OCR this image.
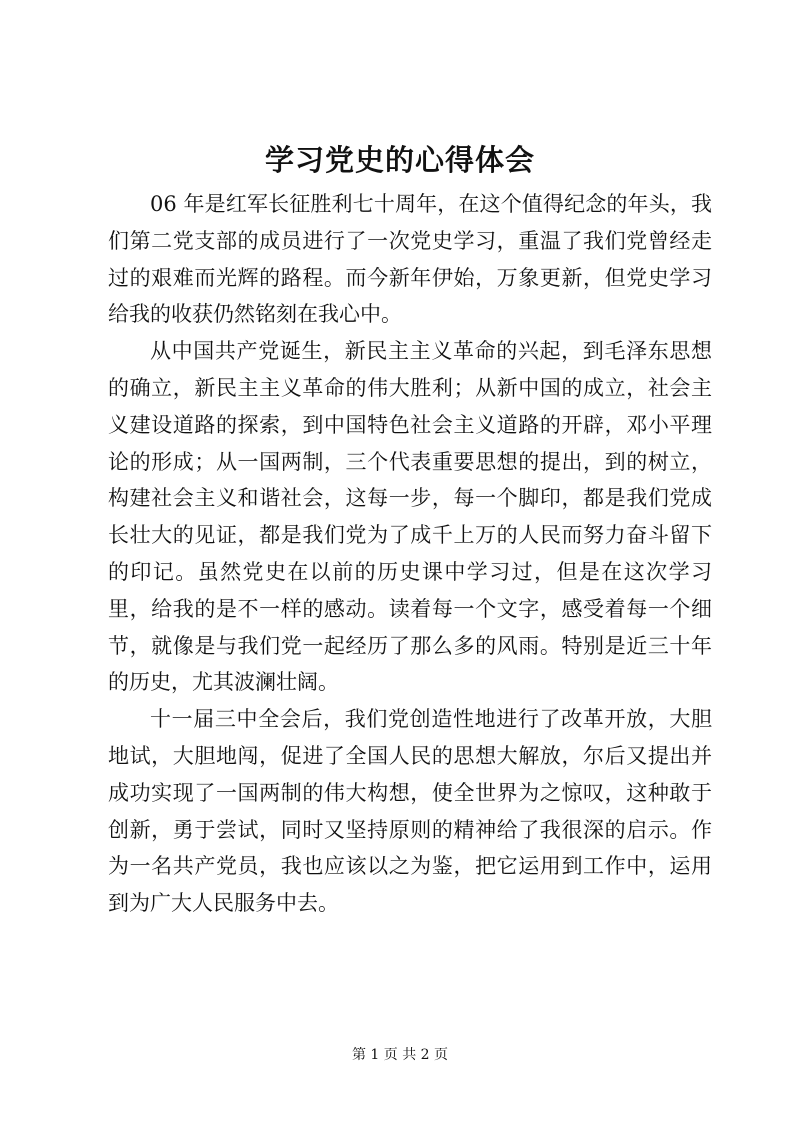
学习党史的心得体会

06 年是红军长征胜利七十周年，在这个值得纪念的年头，我们第二党支部的成员进行了一次党史学习，重温了我们党曾经走过的艰难而光辉的路程。而今新年伊始，万象更新，但党史学习给我的收获仍然铭刻在我心中。

从中国共产党诞生，新民主主义革命的兴起，到毛泽东思想的确立，新民主主义革命的伟大胜利；从新中国的成立，社会主义建设道路的探索，到中国特色社会主义道路的开辟，邓小平理论的形成；从一国两制，三个代表重要思想的提出，到的树立，构建社会主义和谐社会，这每一步，每一个脚印，都是我们党成长壮大的见证，都是我们党为了成千上万的人民而努力奋斗留下的印记。虽然党史在以前的历史课中学习过，但是在这次学习里，给我的是不一样的感动。读着每一个文字，感受着每一个细节，就像是与我们党一起经历了那么多的风雨。特别是近三十年的历史，尤其波澜壮阔。

十一届三中全会后，我们党创造性地进行了改革开放，大胆地试，大胆地闯，促进了全国人民的思想大解放，尔后又提出并成功实现了一国两制的伟大构想，使全世界为之惊叹，这种敢于创新，勇于尝试，同时又坚持原则的精神给了我很深的启示。作为一名共产党员，我也应该以之为鉴，把它运用到工作中，运用到为广大人民服务中去。

第 1 页 共 2 页
